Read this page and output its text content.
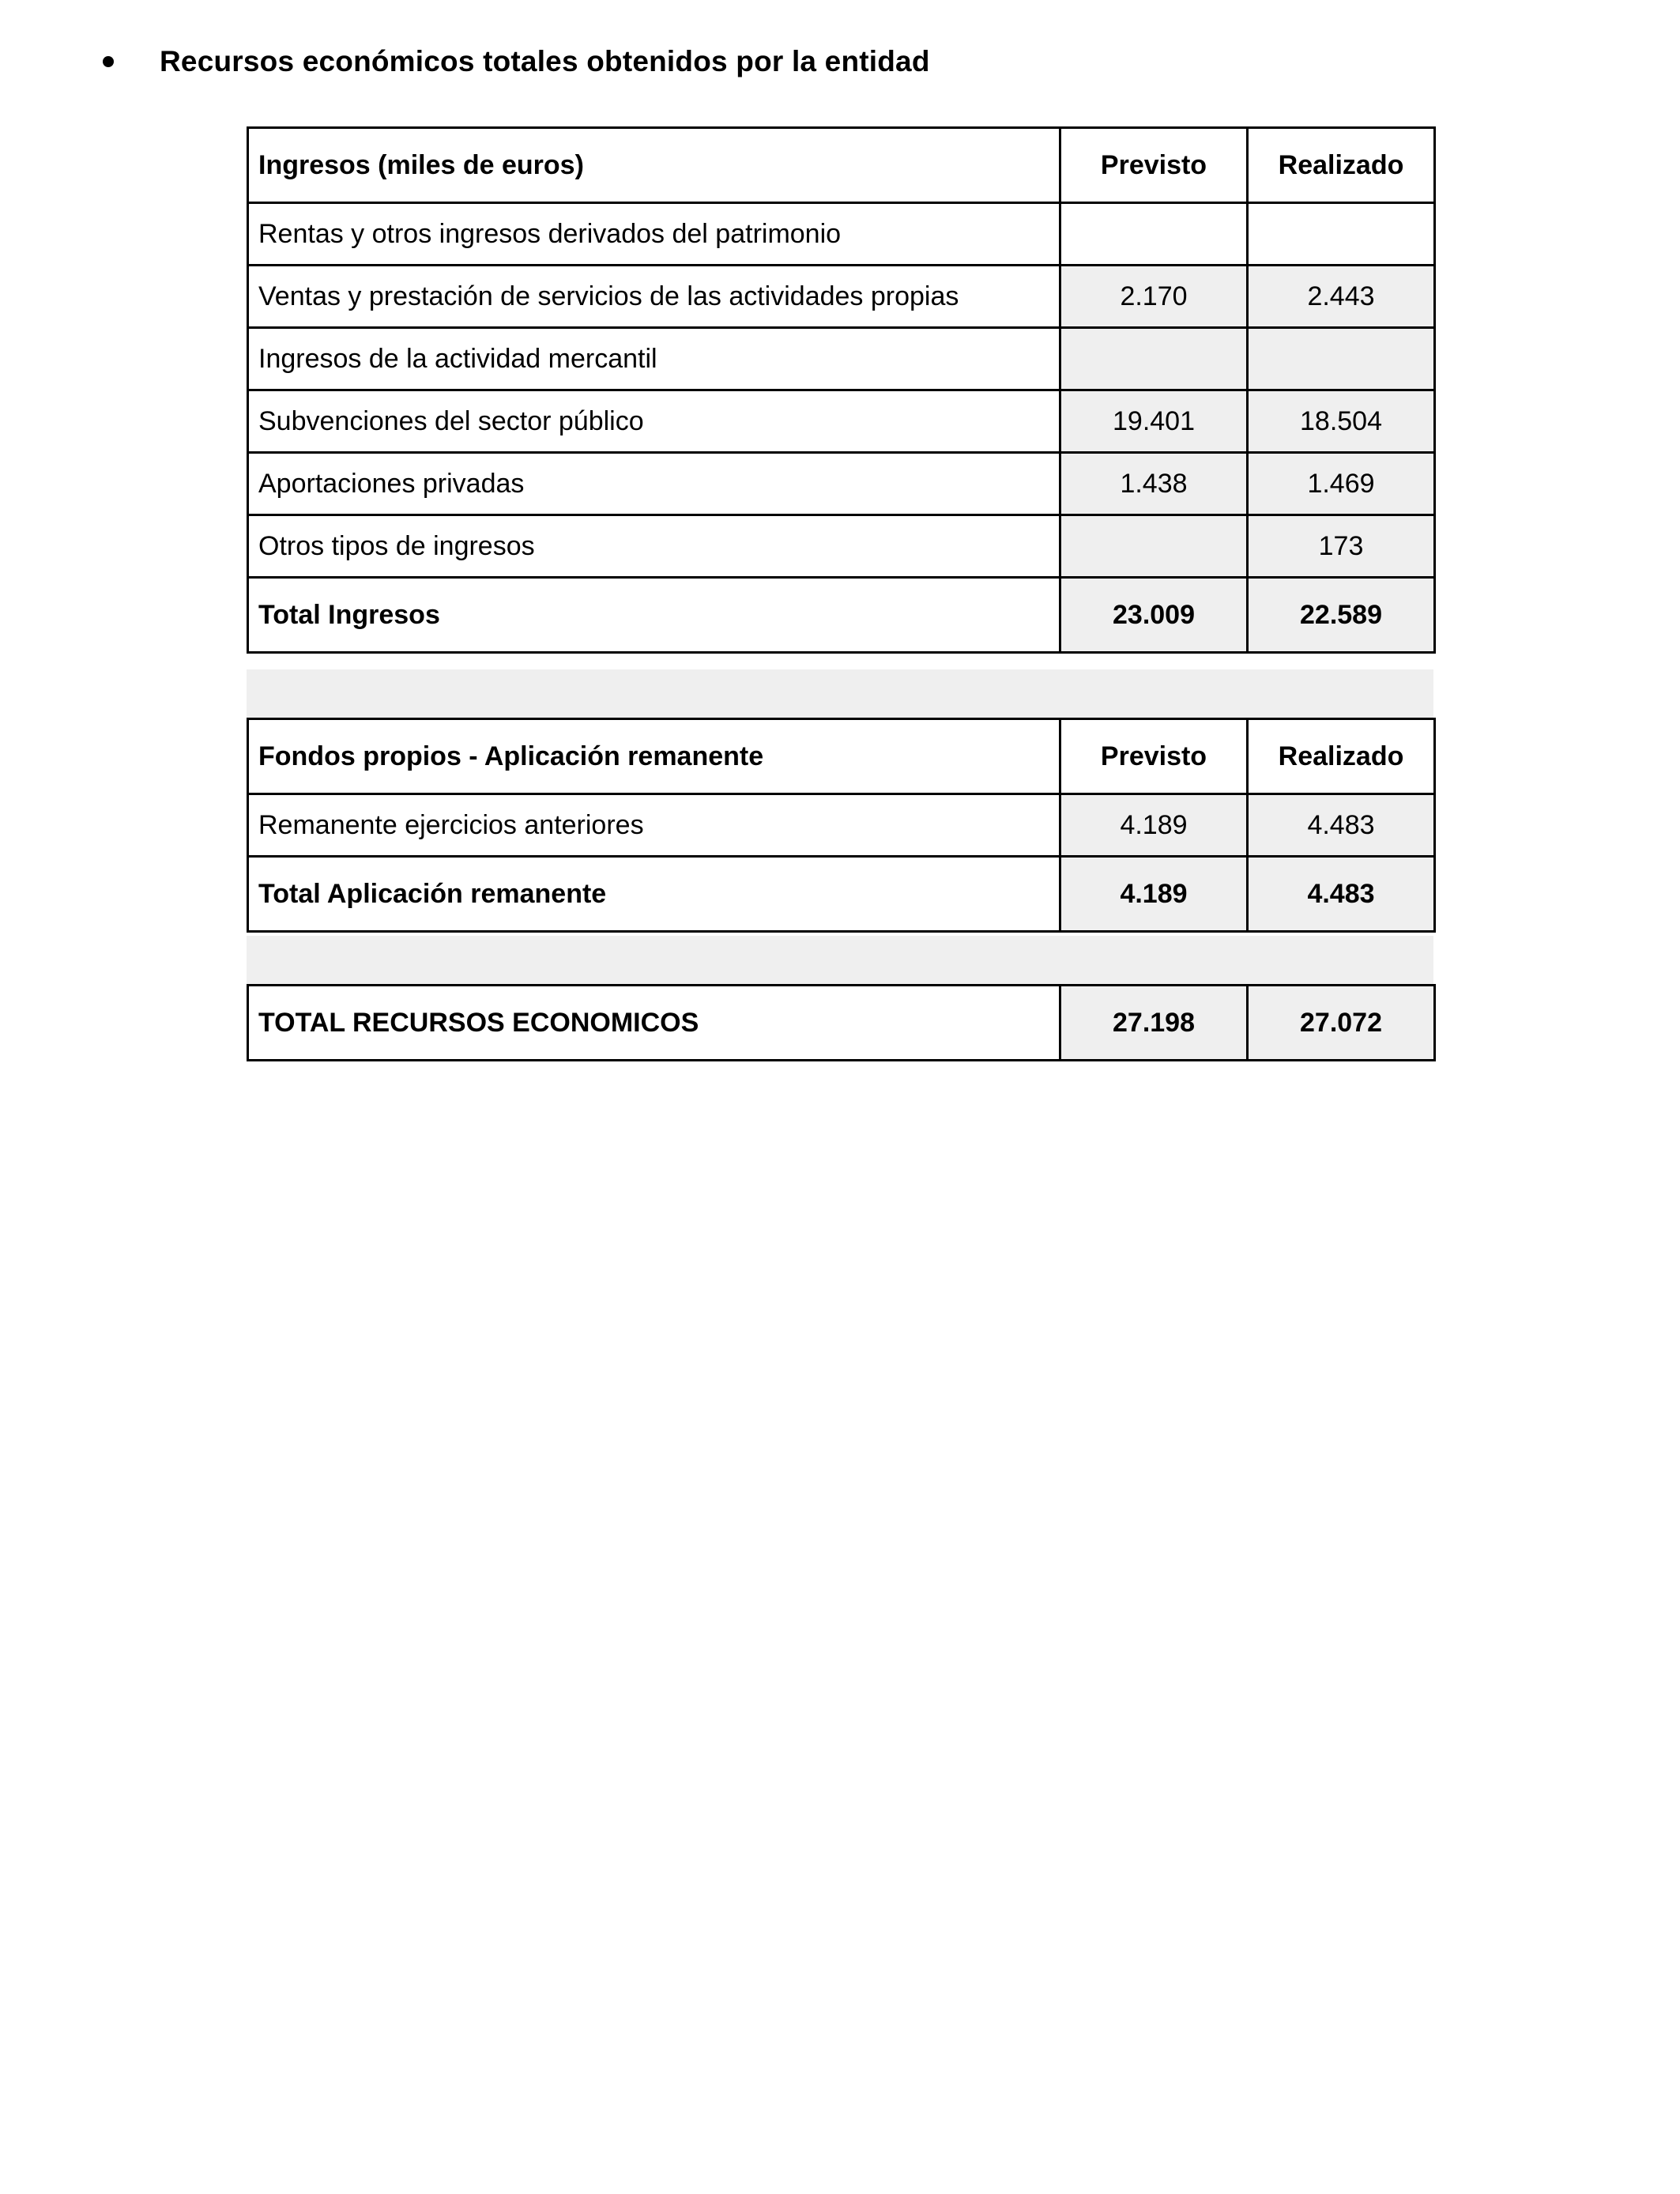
Recursos económicos totales obtenidos por la entidad
Ingresos (miles de euros)	Previsto	Realizado
Rentas y otros ingresos derivados del patrimonio		
Ventas y prestación de servicios de las actividades propias	2.170	2.443
Ingresos de la actividad mercantil		
Subvenciones del sector público	19.401	18.504
Aportaciones privadas	1.438	1.469
Otros tipos de ingresos		173
Total Ingresos	23.009	22.589
Fondos propios - Aplicación remanente	Previsto	Realizado
Remanente ejercicios anteriores	4.189	4.483
Total Aplicación remanente	4.189	4.483
TOTAL RECURSOS ECONOMICOS	27.198	27.072
